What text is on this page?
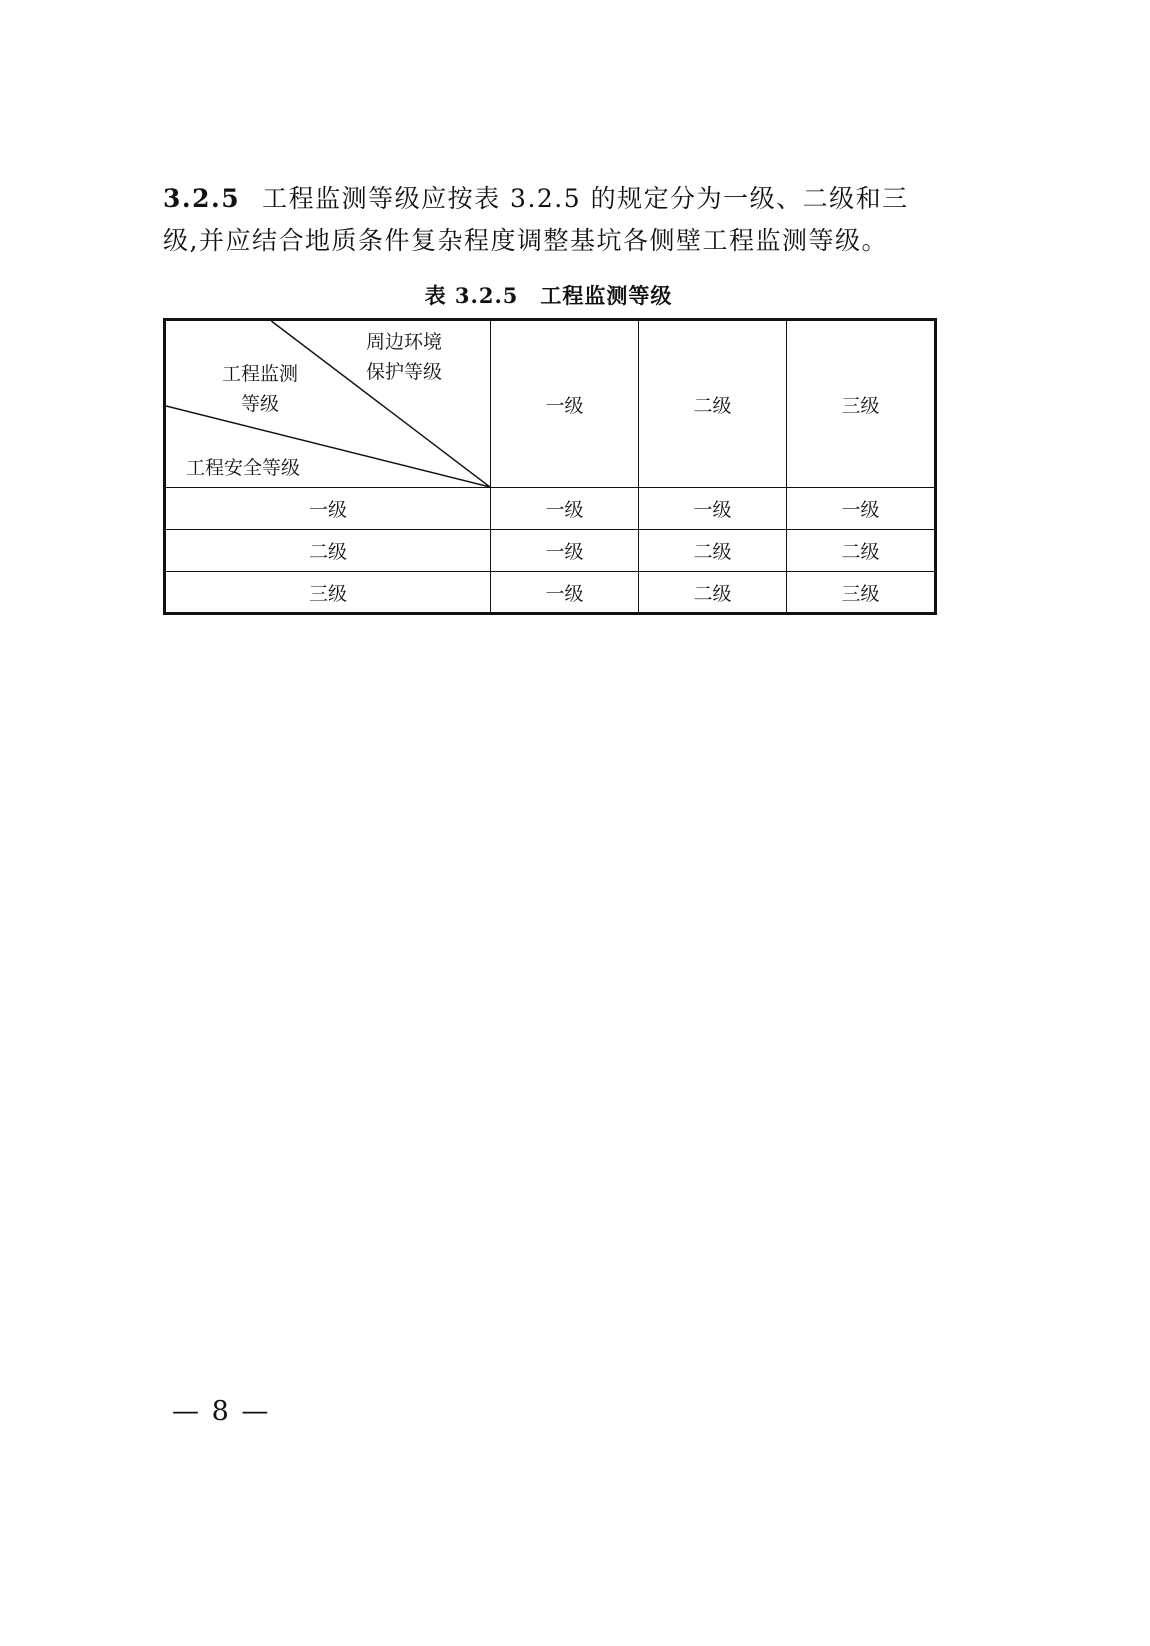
3.2.5 工程监测等级应按表 3.2.5 的规定分为一级、二级和三级,并应结合地质条件复杂程度调整基坑各侧壁工程监测等级。

表 3.2.5 工程监测等级

周边环境
保护等级
工程监测
等级
工程安全等级	一级	二级	三级
一级	一级	一级	一级
二级	一级	二级	二级
三级	一级	二级	三级

— 8 —
